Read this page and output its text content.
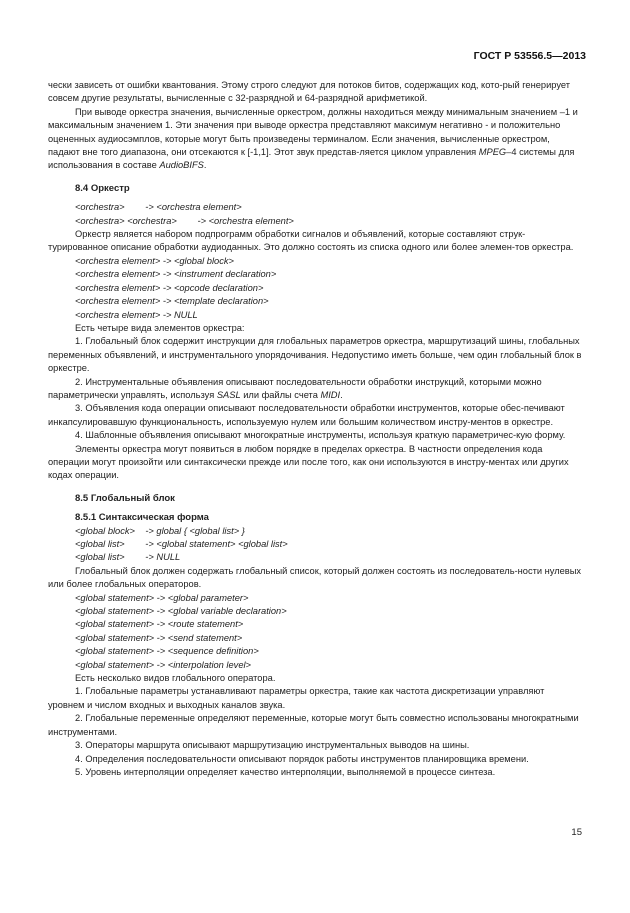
ГОСТ Р 53556.5—2013

чески зависеть от ошибки квантования. Этому строго следуют для потоков битов, содержащих код, кото-рый генерирует совсем другие результаты, вычисленные с 32-разрядной и 64-разрядной арифметикой.

При выводе оркестра значения, вычисленные оркестром, должны находиться между минимальным значением –1 и максимальным значением 1. Эти значения при выводе оркестра представляют максимум негативно - и положительно оцененных аудиосэмплов, которые могут быть произведены терминалом. Если значения, вычисленные оркестром, падают вне того диапазона, они отсекаются к [-1,1]. Этот звук представ-ляется циклом управления MPEG–4 системы для использования в составе AudioBIFS.

8.4 Оркестр

<orchestra> -> <orchestra element>

<orchestra> <orchestra> -> <orchestra element>

Оркестр является набором подпрограмм обработки сигналов и объявлений, которые составляют струк-турированное описание обработки аудиоданных. Это должно состоять из списка одного или более элемен-тов оркестра.

<orchestra element> -> <global block>

<orchestra element> -> <instrument declaration>

<orchestra element> -> <opcode declaration>

<orchestra element> -> <template declaration>

<orchestra element> -> NULL

Есть четыре вида элементов оркестра:

1. Глобальный блок содержит инструкции для глобальных параметров оркестра, маршрутизаций шины, глобальных переменных объявлений, и инструментального упорядочивания. Недопустимо иметь больше, чем один глобальный блок в оркестре.

2. Инструментальные объявления описывают последовательности обработки инструкций, которыми можно параметрически управлять, используя SASL или файлы счета MIDI.

3. Объявления кода операции описывают последовательности обработки инструментов, которые обес-печивают инкапсулировавшую функциональность, используемую нулем или большим количеством инстру-ментов в оркестре.

4. Шаблонные объявления описывают многократные инструменты, используя краткую параметричес-кую форму.

Элементы оркестра могут появиться в любом порядке в пределах оркестра. В частности определения кода операции могут произойти или синтаксически прежде или после того, как они используются в инстру-ментах или других кодах операции.

8.5 Глобальный блок

8.5.1 Синтаксическая форма

<global block> -> global { <global list> }

<global list> -> <global statement> <global list>

<global list> -> NULL

Глобальный блок должен содержать глобальный список, который должен состоять из последователь-ности нулевых или более глобальных операторов.

<global statement> -> <global parameter>

<global statement> -> <global variable declaration>

<global statement> -> <route statement>

<global statement> -> <send statement>

<global statement> -> <sequence definition>

<global statement> -> <interpolation level>

Есть несколько видов глобального оператора.

1. Глобальные параметры устанавливают параметры оркестра, такие как частота дискретизации управляют уровнем и числом входных и выходных каналов звука.

2. Глобальные переменные определяют переменные, которые могут быть совместно использованы многократными инструментами.

3. Операторы маршрута описывают маршрутизацию инструментальных выводов на шины.

4. Определения последовательности описывают порядок работы инструментов планировщика времени.

5. Уровень интерполяции определяет качество интерполяции, выполняемой в процессе синтеза.

15
